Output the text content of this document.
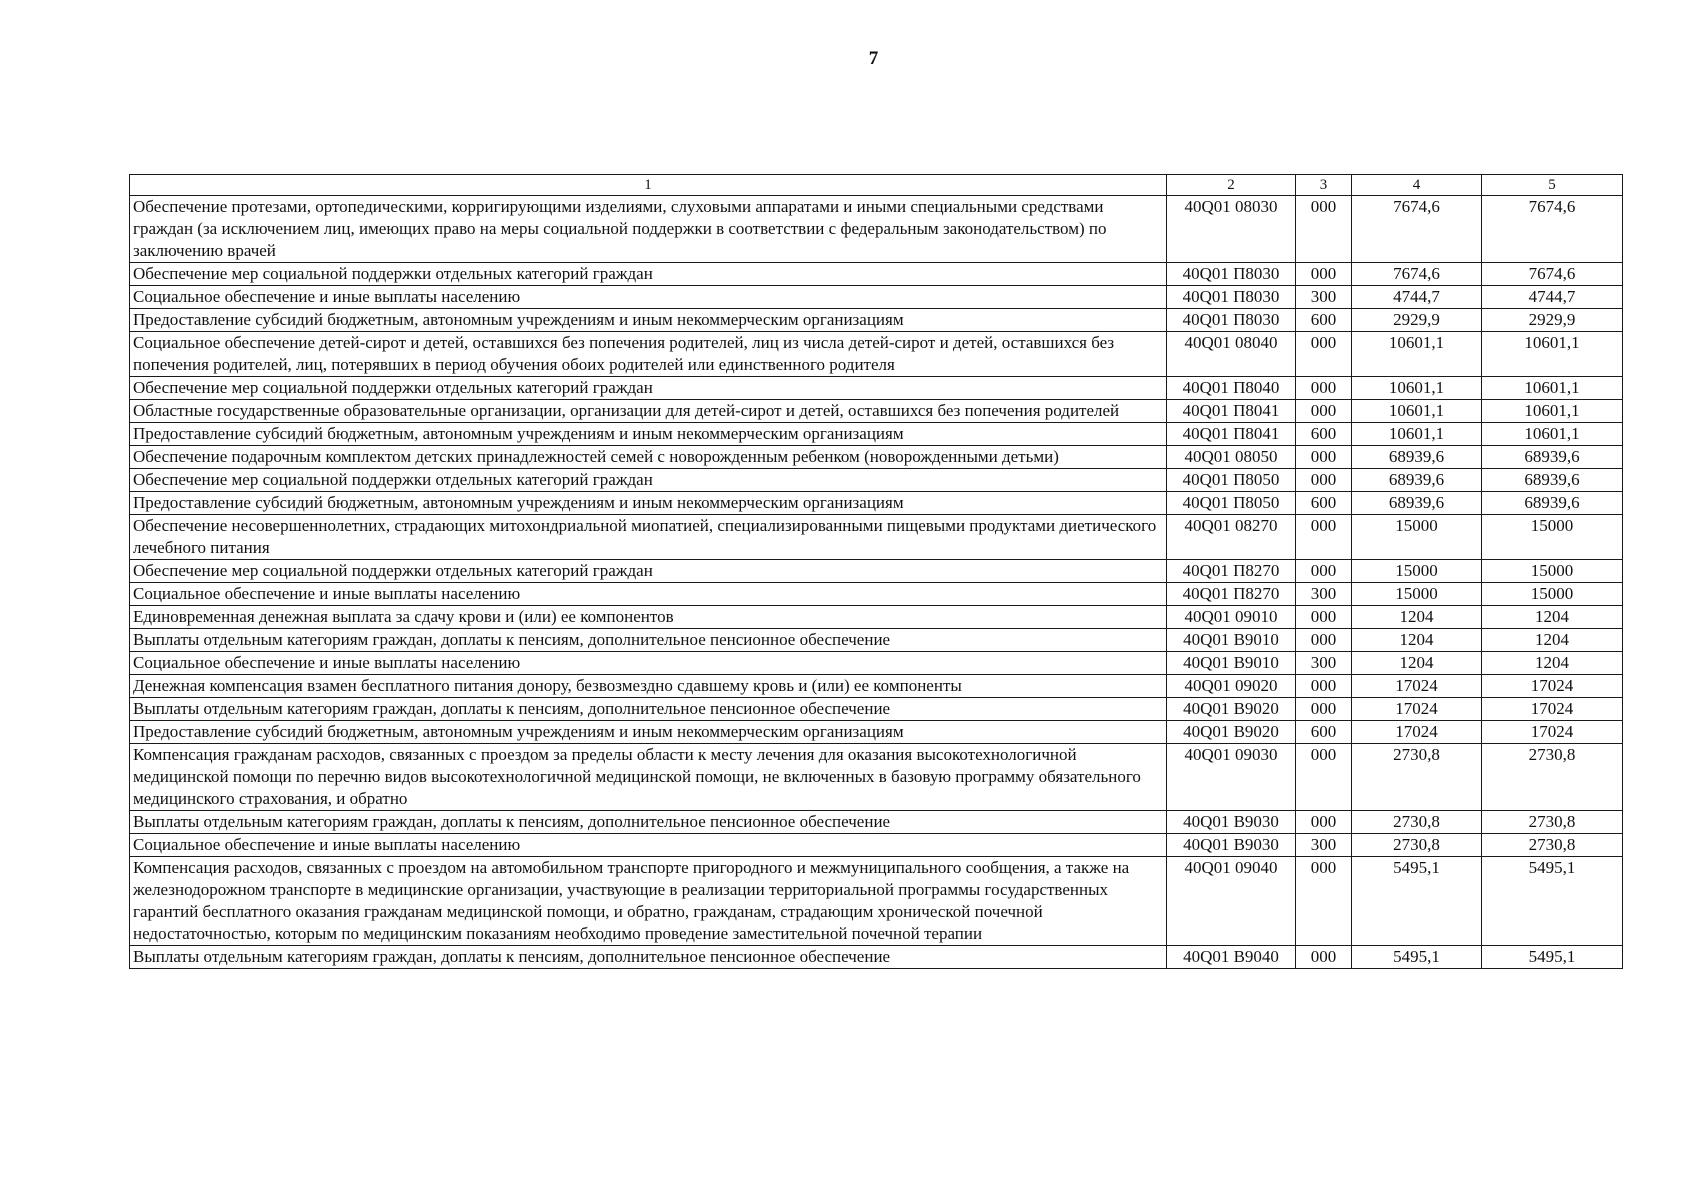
7
1	2	3	4	5
Обеспечение протезами, ортопедическими, корригирующими изделиями, слуховыми аппаратами и иными специальными средствами граждан (за исключением лиц, имеющих право на меры социальной поддержки в соответствии с федеральным законодательством) по заключению врачей	40Q01 08030	000	7674,6	7674,6
Обеспечение мер социальной поддержки отдельных категорий граждан	40Q01 П8030	000	7674,6	7674,6
Социальное обеспечение и иные выплаты населению	40Q01 П8030	300	4744,7	4744,7
Предоставление субсидий бюджетным, автономным учреждениям и иным некоммерческим организациям	40Q01 П8030	600	2929,9	2929,9
Социальное обеспечение детей-сирот и детей, оставшихся без попечения родителей, лиц из числа детей-сирот и детей, оставшихся без попечения родителей, лиц, потерявших в период обучения обоих родителей или единственного родителя	40Q01 08040	000	10601,1	10601,1
Обеспечение мер социальной поддержки отдельных категорий граждан	40Q01 П8040	000	10601,1	10601,1
Областные государственные образовательные организации, организации для детей-сирот и детей, оставшихся без попечения родителей	40Q01 П8041	000	10601,1	10601,1
Предоставление субсидий бюджетным, автономным учреждениям и иным некоммерческим организациям	40Q01 П8041	600	10601,1	10601,1
Обеспечение подарочным комплектом детских принадлежностей семей с новорожденным ребенком (новорожденными детьми)	40Q01 08050	000	68939,6	68939,6
Обеспечение мер социальной поддержки отдельных категорий граждан	40Q01 П8050	000	68939,6	68939,6
Предоставление субсидий бюджетным, автономным учреждениям и иным некоммерческим организациям	40Q01 П8050	600	68939,6	68939,6
Обеспечение несовершеннолетних, страдающих митохондриальной миопатией, специализированными пищевыми продуктами диетического лечебного питания	40Q01 08270	000	15000	15000
Обеспечение мер социальной поддержки отдельных категорий граждан	40Q01 П8270	000	15000	15000
Социальное обеспечение и иные выплаты населению	40Q01 П8270	300	15000	15000
Единовременная денежная выплата за сдачу крови и (или) ее компонентов	40Q01 09010	000	1204	1204
Выплаты отдельным категориям граждан, доплаты к пенсиям, дополнительное пенсионное обеспечение	40Q01 В9010	000	1204	1204
Социальное обеспечение и иные выплаты населению	40Q01 В9010	300	1204	1204
Денежная компенсация взамен бесплатного питания донору, безвозмездно сдавшему кровь и (или) ее компоненты	40Q01 09020	000	17024	17024
Выплаты отдельным категориям граждан, доплаты к пенсиям, дополнительное пенсионное обеспечение	40Q01 В9020	000	17024	17024
Предоставление субсидий бюджетным, автономным учреждениям и иным некоммерческим организациям	40Q01 В9020	600	17024	17024
Компенсация гражданам расходов, связанных с проездом за пределы области к месту лечения для оказания высокотехнологичной медицинской помощи по перечню видов высокотехнологичной медицинской помощи, не включенных в базовую программу обязательного медицинского страхования, и обратно	40Q01 09030	000	2730,8	2730,8
Выплаты отдельным категориям граждан, доплаты к пенсиям, дополнительное пенсионное обеспечение	40Q01 В9030	000	2730,8	2730,8
Социальное обеспечение и иные выплаты населению	40Q01 В9030	300	2730,8	2730,8
Компенсация расходов, связанных с проездом на автомобильном транспорте пригородного и межмуниципального сообщения, а также на железнодорожном транспорте в медицинские организации, участвующие в реализации территориальной программы государственных гарантий бесплатного оказания гражданам медицинской помощи, и обратно, гражданам, страдающим хронической почечной недостаточностью, которым по медицинским показаниям необходимо проведение заместительной почечной терапии	40Q01 09040	000	5495,1	5495,1
Выплаты отдельным категориям граждан, доплаты к пенсиям, дополнительное пенсионное обеспечение	40Q01 В9040	000	5495,1	5495,1
